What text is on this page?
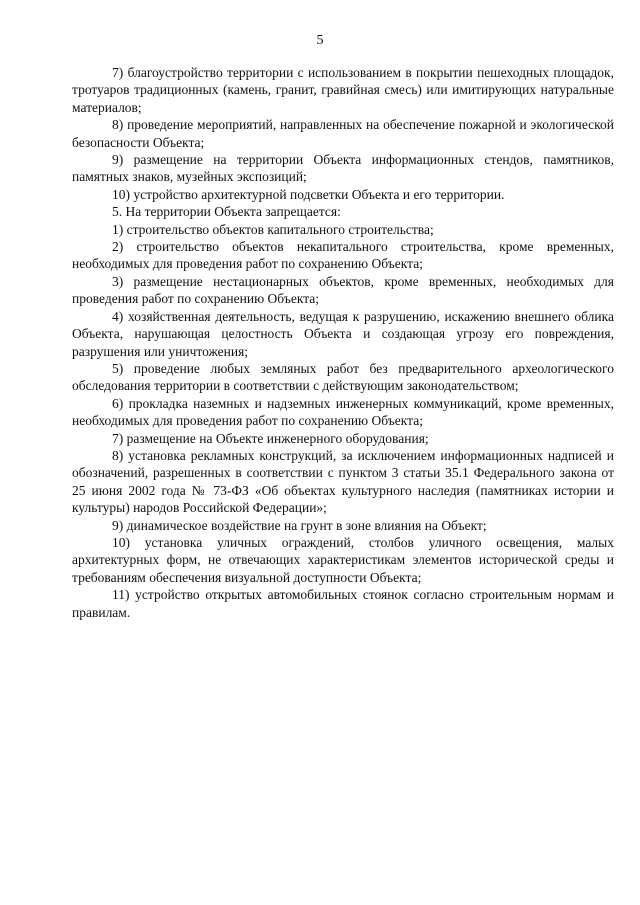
5

7) благоустройство территории с использованием в покрытии пешеходных площадок, тротуаров традиционных (камень, гранит, гравийная смесь) или имитирующих натуральные материалов;

8) проведение мероприятий, направленных на обеспечение пожарной и экологической безопасности Объекта;

9) размещение на территории Объекта информационных стендов, памятников, памятных знаков, музейных экспозиций;

10) устройство архитектурной подсветки Объекта и его территории.

5. На территории Объекта запрещается:

1) строительство объектов капитального строительства;

2) строительство объектов некапитального строительства, кроме временных, необходимых для проведения работ по сохранению Объекта;

3) размещение нестационарных объектов, кроме временных, необходимых для проведения работ по сохранению Объекта;

4) хозяйственная деятельность, ведущая к разрушению, искажению внешнего облика Объекта, нарушающая целостность Объекта и создающая угрозу его повреждения, разрушения или уничтожения;

5) проведение любых земляных работ без предварительного археологического обследования территории в соответствии с действующим законодательством;

6) прокладка наземных и надземных инженерных коммуникаций, кроме временных, необходимых для проведения работ по сохранению Объекта;

7) размещение на Объекте инженерного оборудования;

8) установка рекламных конструкций, за исключением информационных надписей и обозначений, разрешенных в соответствии с пунктом 3 статьи 35.1 Федерального закона от 25 июня 2002 года № 73-ФЗ «Об объектах культурного наследия (памятниках истории и культуры) народов Российской Федерации»;

9) динамическое воздействие на грунт в зоне влияния на Объект;

10) установка уличных ограждений, столбов уличного освещения, малых архитектурных форм, не отвечающих характеристикам элементов исторической среды и требованиям обеспечения визуальной доступности Объекта;

11) устройство открытых автомобильных стоянок согласно строительным нормам и правилам.
